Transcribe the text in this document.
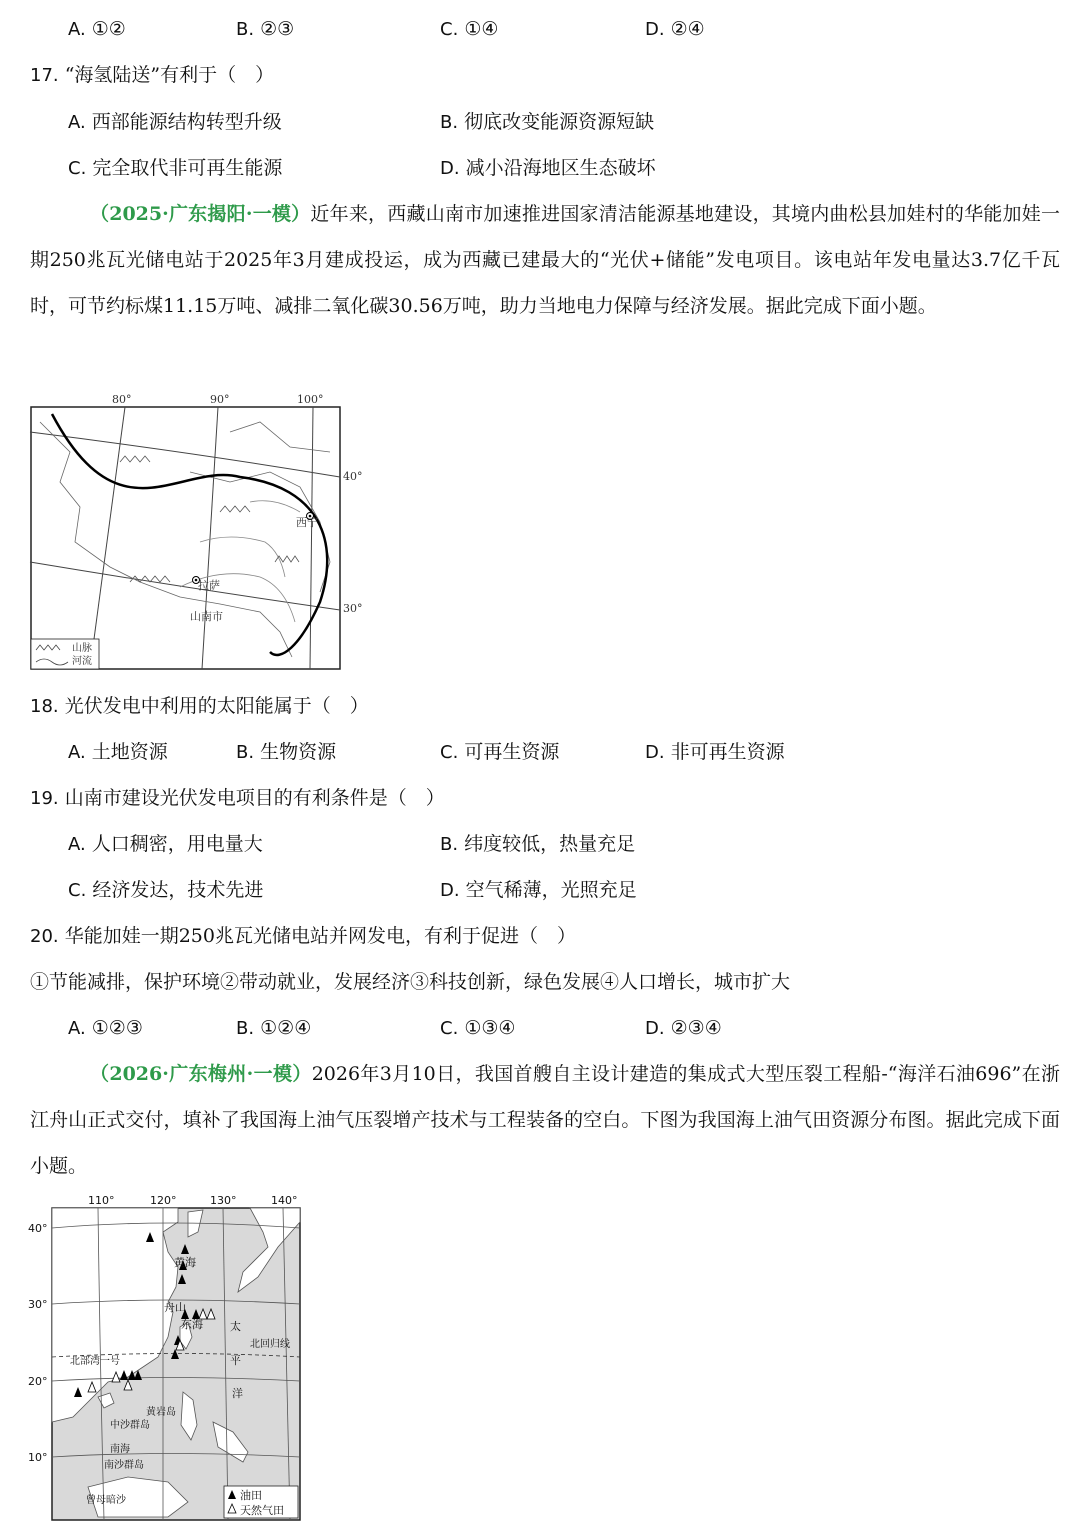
A. ①②	B. ②③	C. ①④	D. ②④
17. “海氢陆送”有利于（　）
A. 西部能源结构转型升级	B. 彻底改变能源资源短缺
C. 完全取代非可再生能源	D. 减小沿海地区生态破坏
（2025·广东揭阳·一模）近年来，西藏山南市加速推进国家清洁能源基地建设，其境内曲松县加娃村的华能加娃一期250兆瓦光储电站于2025年3月建成投运，成为西藏已建最大的“光伏+储能”发电项目。该电站年发电量达3.7亿千瓦时，可节约标煤11.15万吨、减排二氧化碳30.56万吨，助力当地电力保障与经济发展。据此完成下面小题。
80°	90°	100°
40°
30°
拉萨
山南市
西宁
山脉
河流
18. 光伏发电中利用的太阳能属于（　）
A. 土地资源	B. 生物资源	C. 可再生资源	D. 非可再生资源
19. 山南市建设光伏发电项目的有利条件是（　）
A. 人口稠密，用电量大	B. 纬度较低，热量充足
C. 经济发达，技术先进	D. 空气稀薄，光照充足
20. 华能加娃一期250兆瓦光储电站并网发电，有利于促进（　）
①节能减排，保护环境②带动就业，发展经济③科技创新，绿色发展④人口增长，城市扩大
A. ①②③	B. ①②④	C. ①③④	D. ②③④
（2026·广东梅州·一模）2026年3月10日，我国首艘自主设计建造的集成式大型压裂工程船-“海洋石油696”在浙江舟山正式交付，填补了我国海上油气压裂增产技术与工程装备的空白。下图为我国海上油气田资源分布图。据此完成下面小题。
110°	120°	130°	140°
40°
30°
20°
10°
黄海
舟山
东海 太
平
洋
北回归线
北部湾一号
黄岩岛
中沙群岛
南海
南沙群岛
曾母暗沙	油田
天然气田
